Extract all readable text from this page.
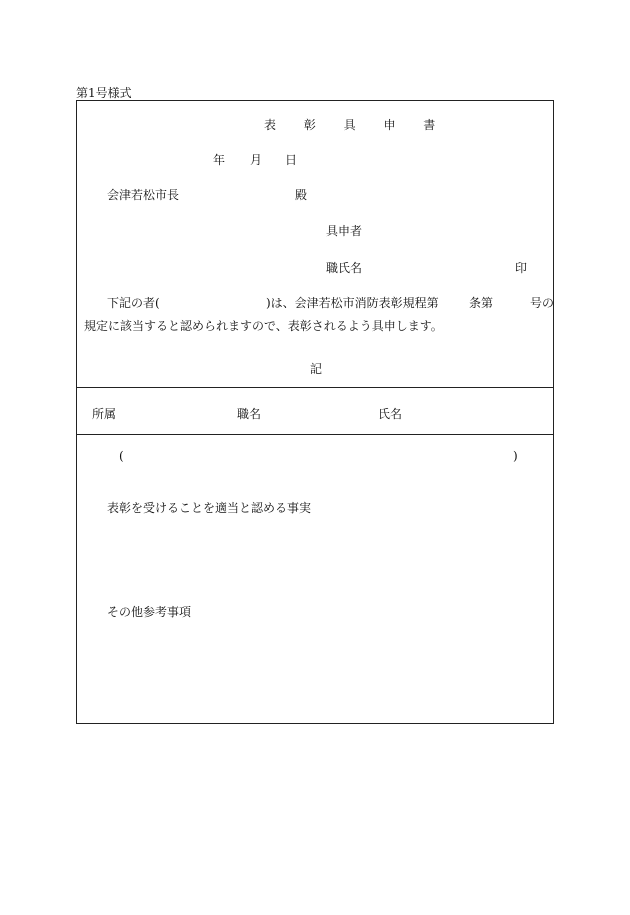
第1号様式
表 彰 具 申 書
年 月 日
会津若松市長	殿
具申者
職氏名	印
下記の者(	)は、会津若松市消防表彰規程第	条第	号の
規定に該当すると認められますので、表彰されるよう具申します。
記
所属	職名	氏名
(	)
表彰を受けることを適当と認める事実
その他参考事項
